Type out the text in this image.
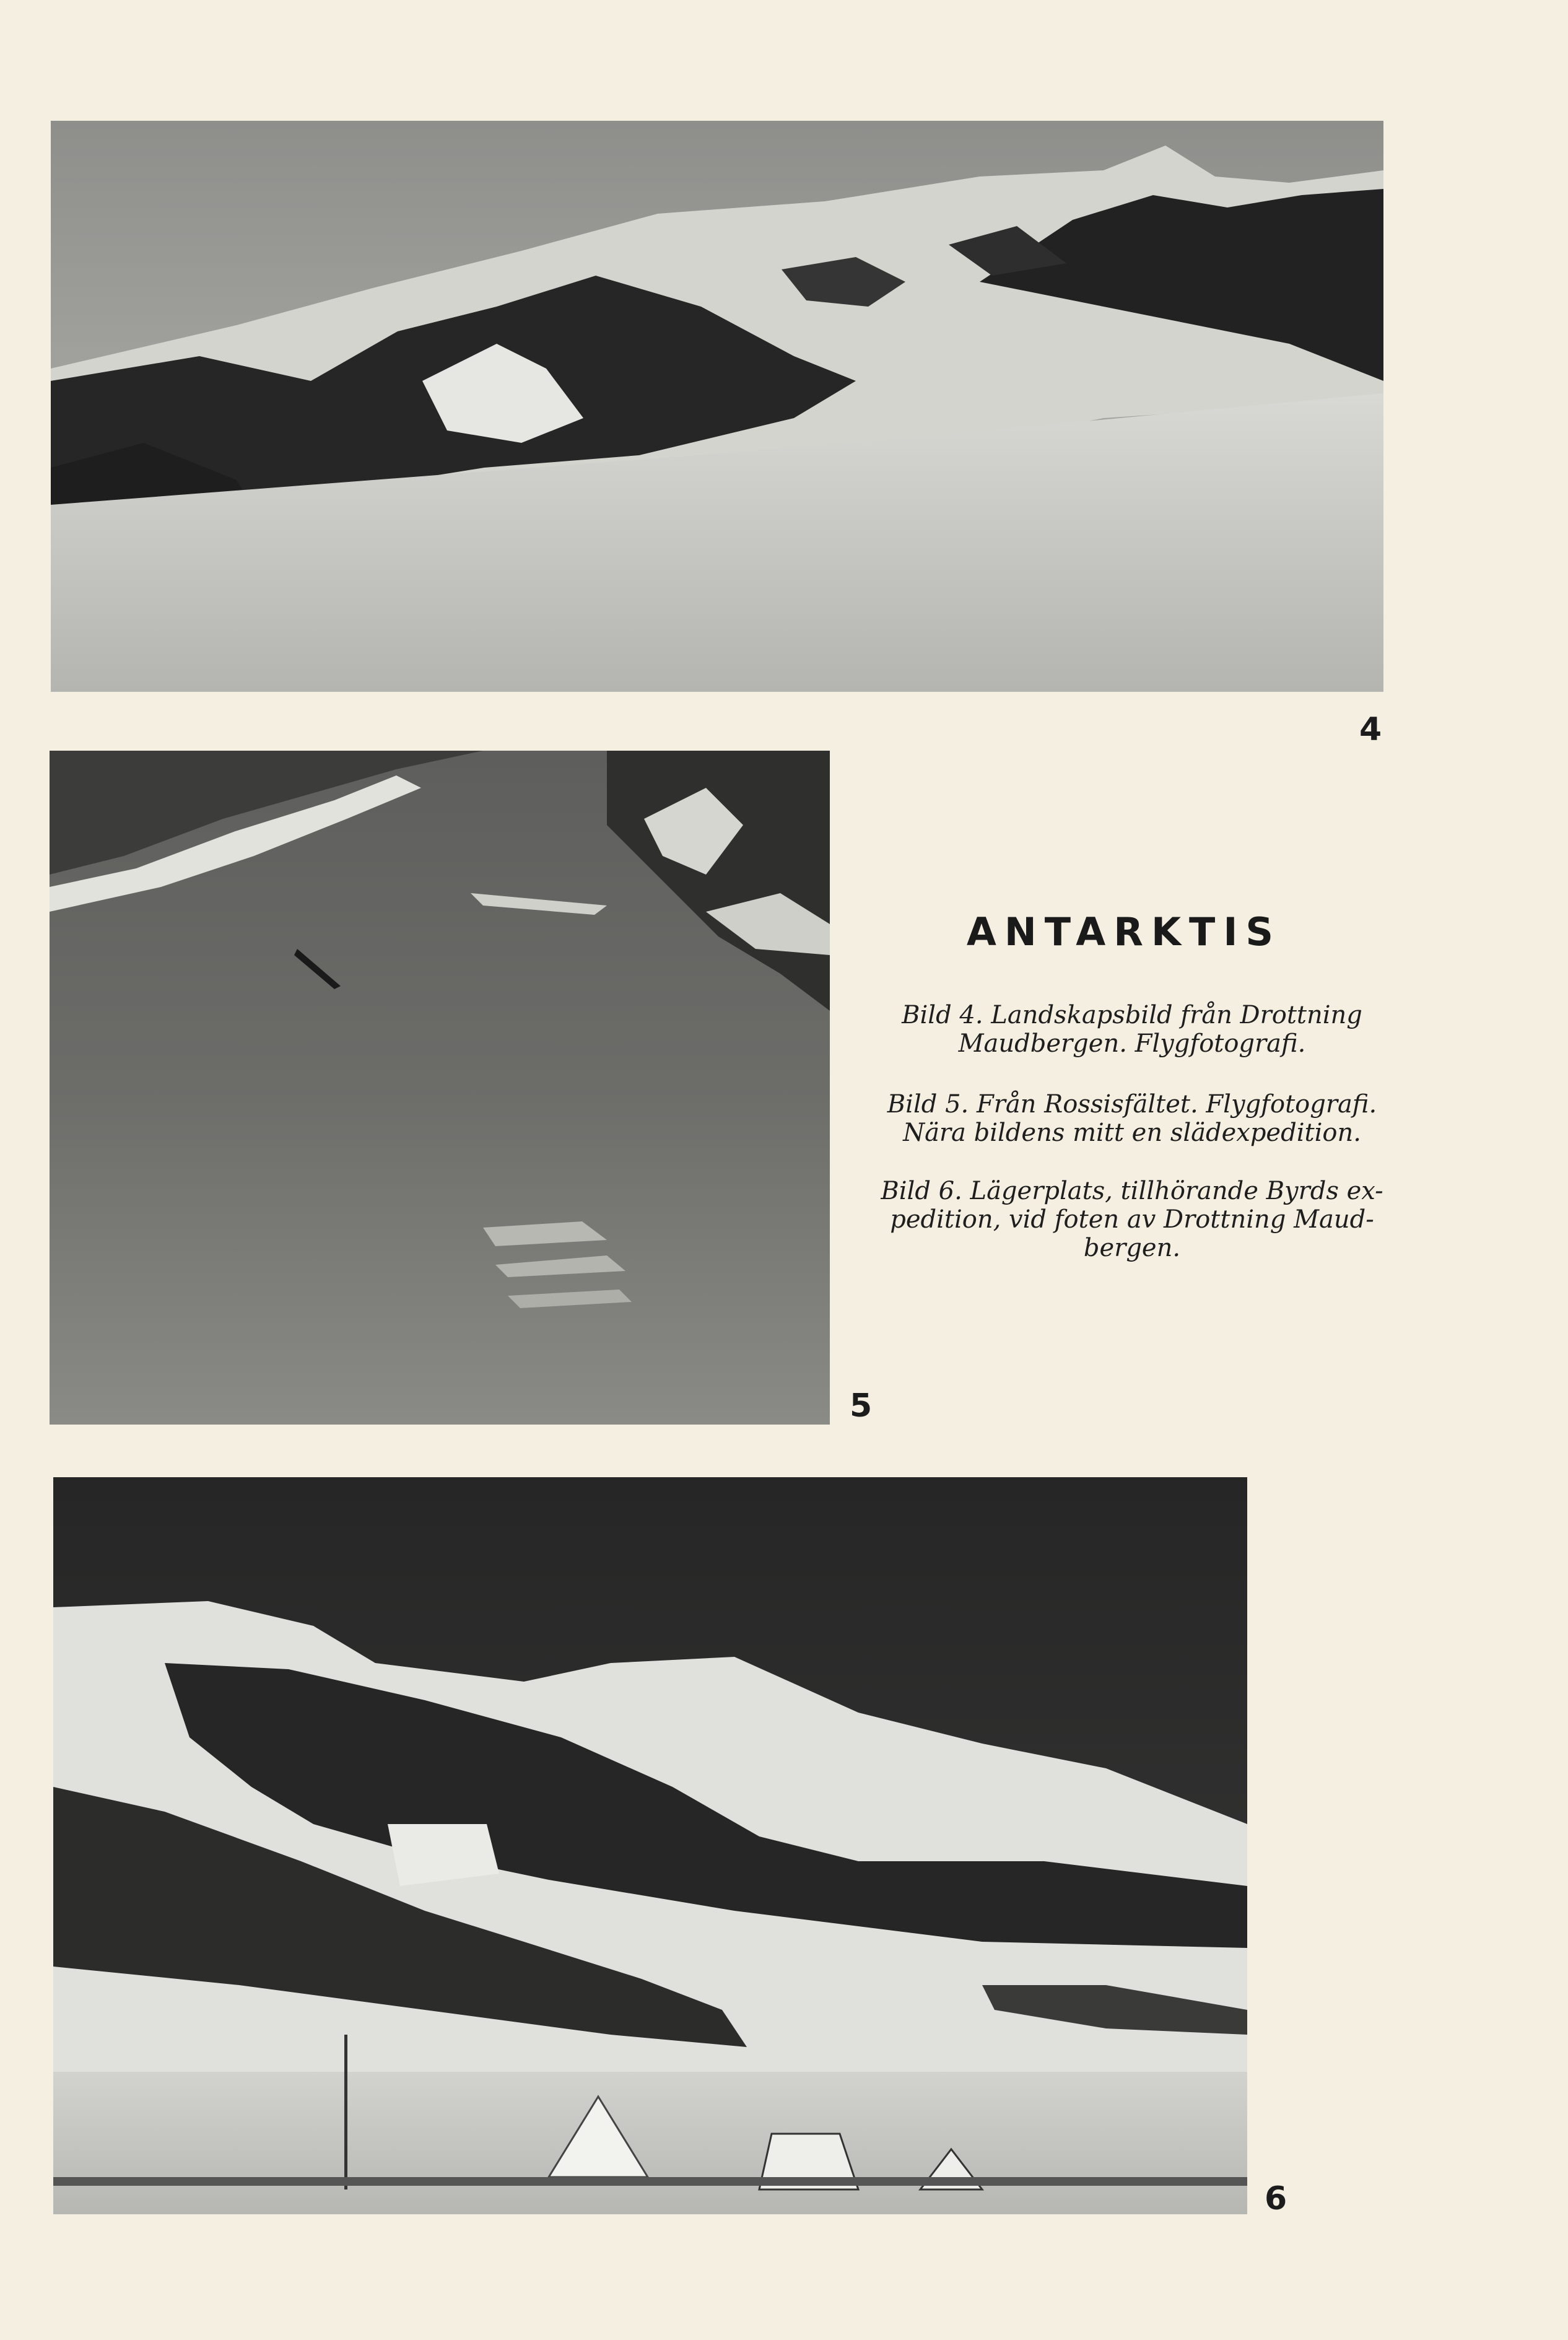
4
5
6
ANTARKTIS

Bild 4. Landskapsbild från Drottning
Maudbergen. Flygfotografi.

Bild 5. Från Rossisfältet. Flygfotografi.
Nära bildens mitt en slädexpedition.

Bild 6. Lägerplats, tillhörande Byrds ex-
pedition, vid foten av Drottning Maud-
bergen.
